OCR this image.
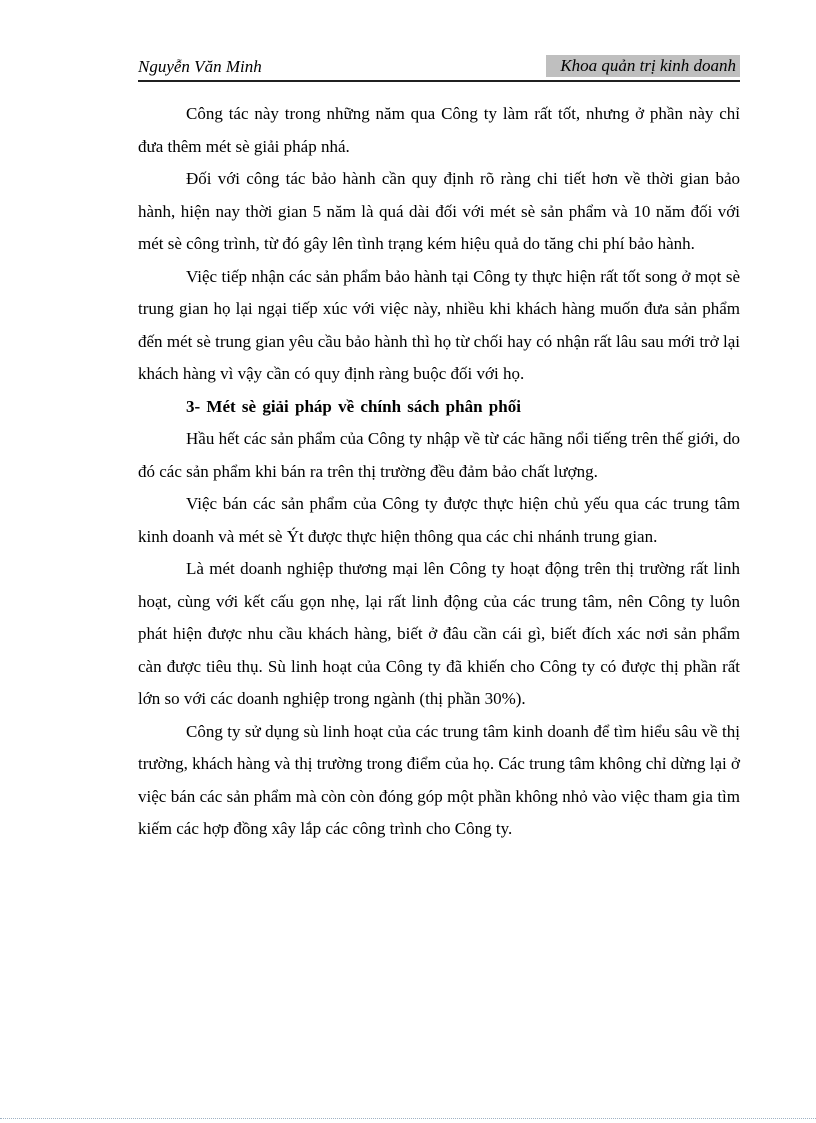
Nguyễn Văn Minh	Khoa quản trị kinh doanh

Công tác này trong những năm qua Công ty làm rất tốt, nhưng ở phần này chỉ đưa thêm mét sè giải pháp nhá.

Đối với công tác bảo hành cần quy định rõ ràng chi tiết hơn về thời gian bảo hành, hiện nay thời gian 5 năm là quá dài đối với mét sè sản phẩm và 10 năm đối với mét sè công trình, từ đó gây lên tình trạng kém hiệu quả do tăng chi phí bảo hành.

Việc tiếp nhận các sản phẩm bảo hành tại Công ty thực hiện rất tốt song ở mọt sè trung gian họ lại ngại tiếp xúc với việc này, nhiều khi khách hàng muốn đưa sản phẩm đến mét sè trung gian yêu cầu bảo hành thì họ từ chối hay có nhận rất lâu sau mới trở lại khách hàng vì vậy cần có quy định ràng buộc đối với họ.

3- Mét sè giải pháp về chính sách phân phối

Hầu hết các sản phẩm của Công ty nhập về từ các hãng nổi tiếng trên thế giới, do đó các sản phẩm khi bán ra trên thị trường đều đảm bảo chất lượng.

Việc bán các sản phẩm của Công ty được thực hiện chủ yếu qua các trung tâm kinh doanh và mét sè Ýt được thực hiện thông qua các chi nhánh trung gian.

Là mét doanh nghiệp thương mại lên Công ty hoạt động trên thị trường rất linh hoạt, cùng với kết cấu gọn nhẹ, lại rất linh động của các trung tâm, nên Công ty luôn phát hiện được nhu cầu khách hàng, biết ở đâu cần cái gì, biết đích xác nơi sản phẩm càn được tiêu thụ. Sù linh hoạt của Công ty đã khiến cho Công ty có được thị phần rất lớn so với các doanh nghiệp trong ngành (thị phần 30%).

Công ty sử dụng sù linh hoạt của các trung tâm kinh doanh để tìm hiểu sâu về thị trường, khách hàng và thị trường trong điểm của họ. Các trung tâm không chỉ dừng lại ở việc bán các sản phẩm mà còn còn đóng góp một phần không nhỏ vào việc tham gia tìm kiếm các hợp đồng xây lắp các công trình cho Công ty.
